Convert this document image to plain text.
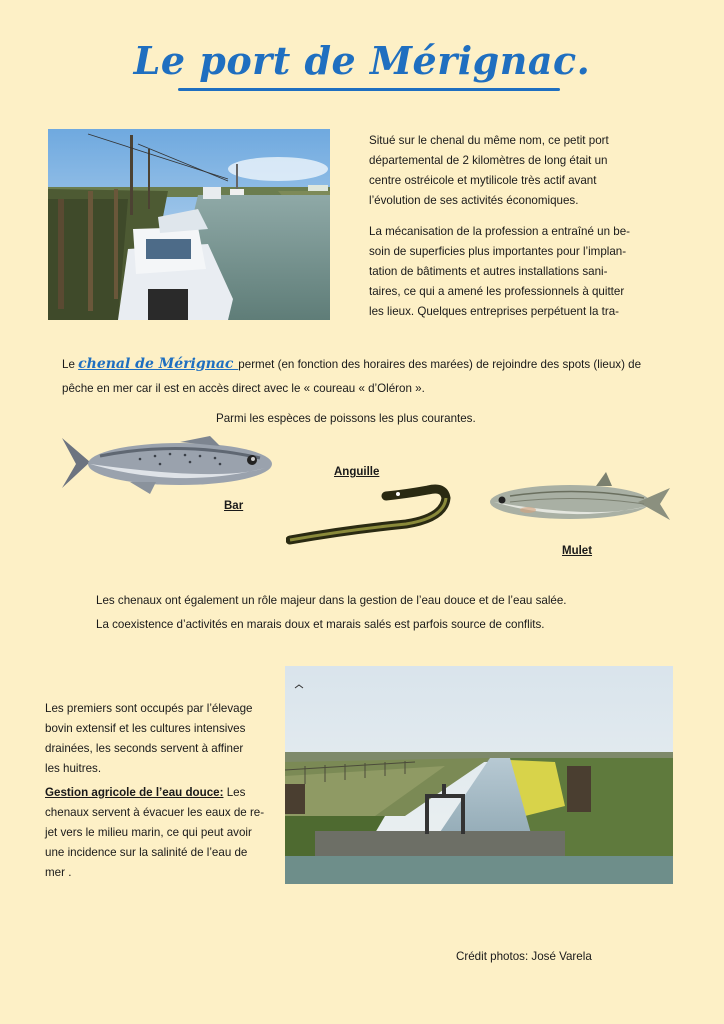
Le port de Mérignac.
Situé sur le chenal du même nom, ce petit port
départemental de 2 kilomètres de long était un
centre ostréicole et mytilicole très actif avant
l’évolution de ses activités économiques.
La mécanisation de la profession a entraîné un be-
soin de superficies plus importantes pour l’implan-
tation de bâtiments et autres installations sani-
taires, ce qui a amené les professionnels à quitter
les lieux. Quelques entreprises perpétuent la tra-
Le chenal de Mérignac permet (en fonction des horaires des marées) de rejoindre des spots (lieux) de
pêche en mer car il est en accès direct avec le « coureau « d’Oléron ».
Parmi les espèces de poissons les plus courantes.
Bar
Anguille
Mulet
Les chenaux ont également un rôle majeur dans la gestion de l’eau douce et de l’eau salée.
La coexistence d’activités en marais doux et marais salés est parfois source de conflits.
Les premiers sont occupés par l’élevage
bovin extensif et les cultures intensives
drainées, les seconds servent à affiner
les huitres.
Gestion agricole de l’eau douce: Les
chenaux servent à évacuer les eaux de re-
jet vers le milieu marin, ce qui peut avoir
une incidence sur la salinité de l’eau de
mer .
Crédit photos: José Varela
